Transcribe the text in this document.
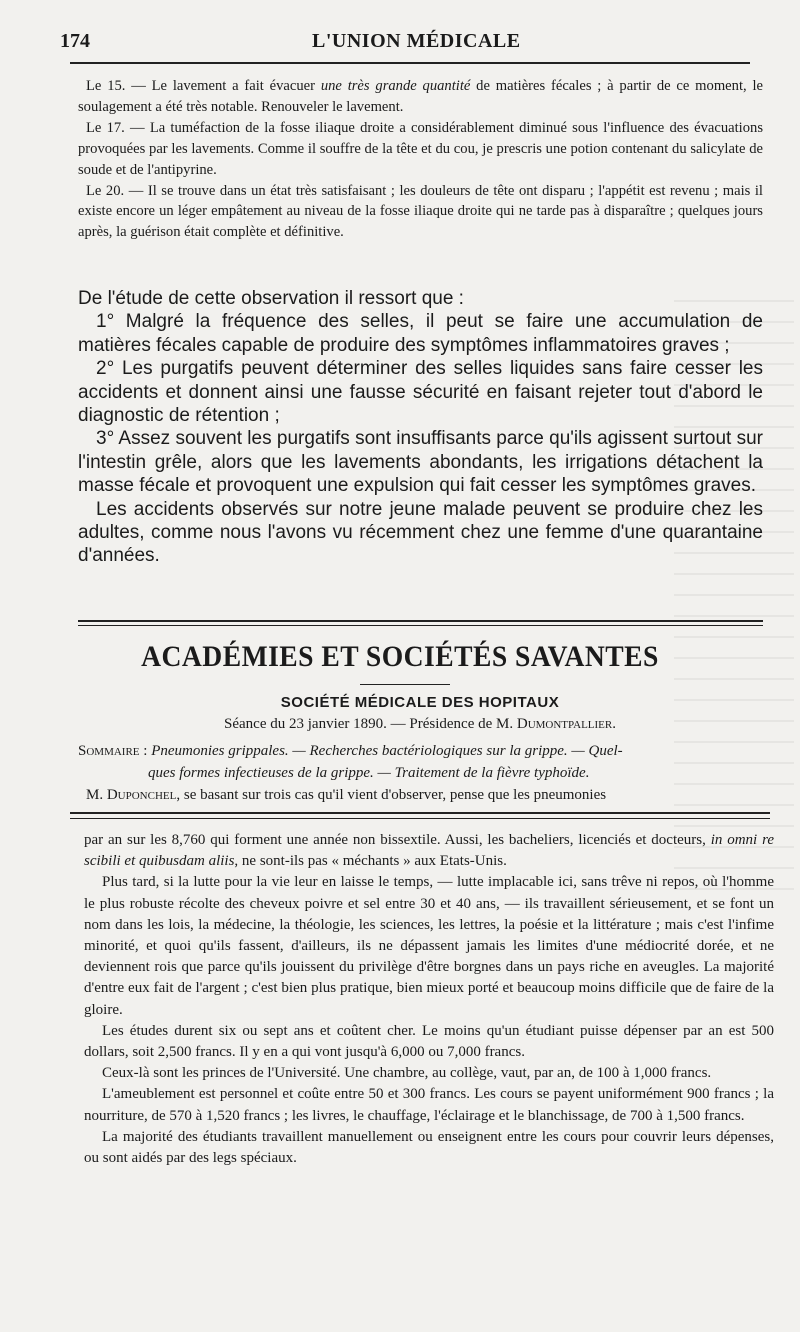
174	L'UNION MÉDICALE

Le 15. — Le lavement a fait évacuer une très grande quantité de matières fécales ; à partir de ce moment, le soulagement a été très notable. Renouveler le lavement.

Le 17. — La tuméfaction de la fosse iliaque droite a considérablement diminué sous l'influence des évacuations provoquées par les lavements. Comme il souffre de la tête et du cou, je prescris une potion contenant du salicylate de soude et de l'antipyrine.

Le 20. — Il se trouve dans un état très satisfaisant ; les douleurs de tête ont disparu ; l'appétit est revenu ; mais il existe encore un léger empâtement au niveau de la fosse iliaque droite qui ne tarde pas à disparaître ; quelques jours après, la guérison était complète et définitive.

De l'étude de cette observation il ressort que :

1° Malgré la fréquence des selles, il peut se faire une accumulation de matières fécales capable de produire des symptômes inflammatoires graves ;

2° Les purgatifs peuvent déterminer des selles liquides sans faire cesser les accidents et donnent ainsi une fausse sécurité en faisant rejeter tout d'abord le diagnostic de rétention ;

3° Assez souvent les purgatifs sont insuffisants parce qu'ils agissent surtout sur l'intestin grêle, alors que les lavements abondants, les irrigations détachent la masse fécale et provoquent une expulsion qui fait cesser les symptômes graves.

Les accidents observés sur notre jeune malade peuvent se produire chez les adultes, comme nous l'avons vu récemment chez une femme d'une quarantaine d'années.

ACADÉMIES ET SOCIÉTÉS SAVANTES
SOCIÉTÉ MÉDICALE DES HOPITAUX
Séance du 23 janvier 1890. — Présidence de M. Dumontpallier.
Sommaire : Pneumonies grippales. — Recherches bactériologiques sur la grippe. — Quel-
ques formes infectieuses de la grippe. — Traitement de la fièvre typhoïde.
M. Duponchel, se basant sur trois cas qu'il vient d'observer, pense que les pneumonies

par an sur les 8,760 qui forment une année non bissextile. Aussi, les bacheliers, licenciés et docteurs, in omni re scibili et quibusdam aliis, ne sont-ils pas « méchants » aux Etats-Unis.

Plus tard, si la lutte pour la vie leur en laisse le temps, — lutte implacable ici, sans trêve ni repos, où l'homme le plus robuste récolte des cheveux poivre et sel entre 30 et 40 ans, — ils travaillent sérieusement, et se font un nom dans les lois, la médecine, la théologie, les sciences, les lettres, la poésie et la littérature ; mais c'est l'infime minorité, et quoi qu'ils fassent, d'ailleurs, ils ne dépassent jamais les limites d'une médiocrité dorée, et ne deviennent rois que parce qu'ils jouissent du privilège d'être borgnes dans un pays riche en aveugles. La majorité d'entre eux fait de l'argent ; c'est bien plus pratique, bien mieux porté et beaucoup moins difficile que de faire de la gloire.

Les études durent six ou sept ans et coûtent cher. Le moins qu'un étudiant puisse dépenser par an est 500 dollars, soit 2,500 francs. Il y en a qui vont jusqu'à 6,000 ou 7,000 francs.

Ceux-là sont les princes de l'Université. Une chambre, au collège, vaut, par an, de 100 à 1,000 francs.

L'ameublement est personnel et coûte entre 50 et 300 francs. Les cours se payent uniformément 900 francs ; la nourriture, de 570 à 1,520 francs ; les livres, le chauffage, l'éclairage et le blanchissage, de 700 à 1,500 francs.

La majorité des étudiants travaillent manuellement ou enseignent entre les cours pour couvrir leurs dépenses, ou sont aidés par des legs spéciaux.
